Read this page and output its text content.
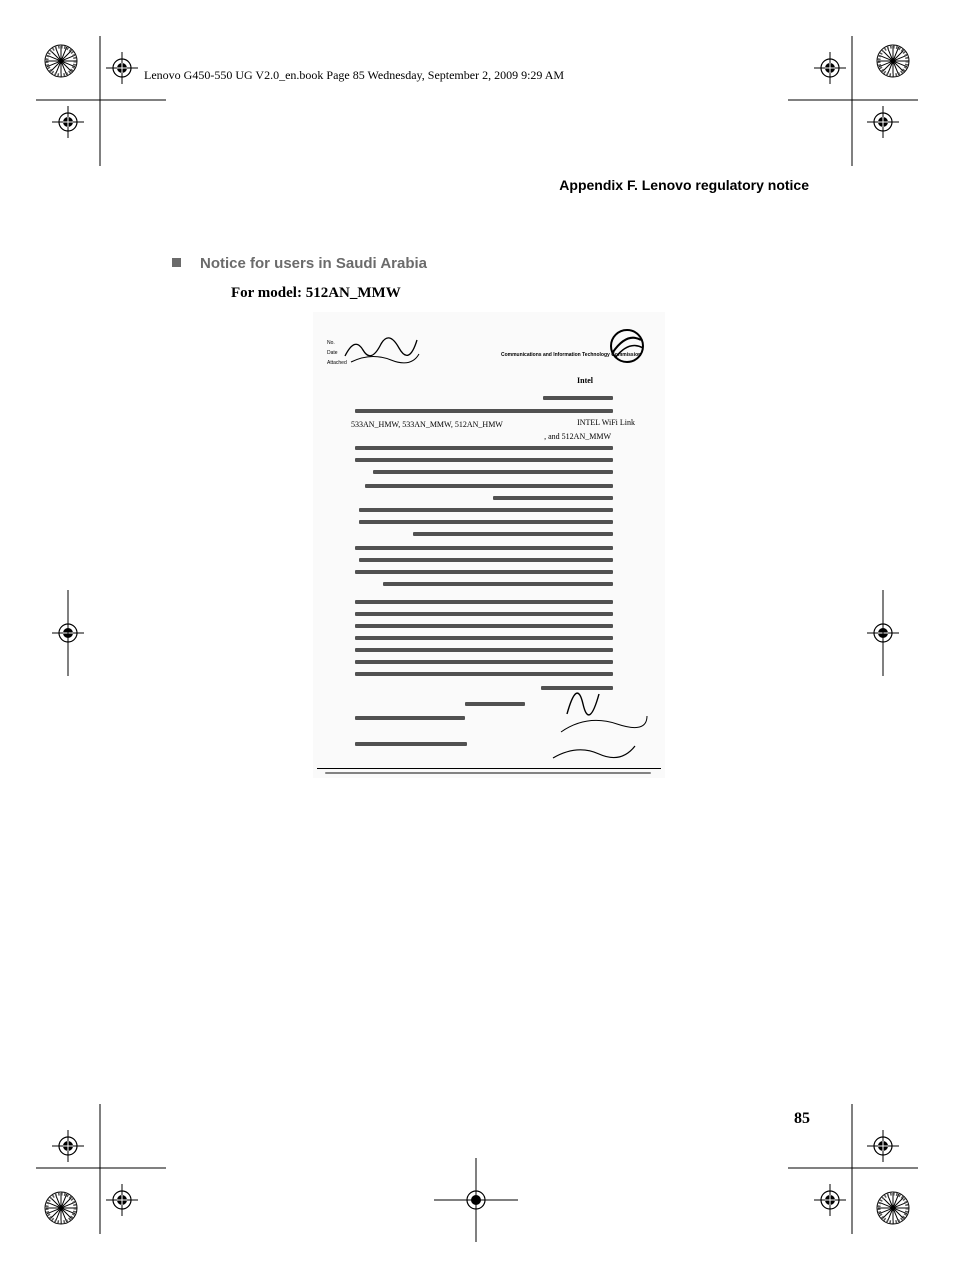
Lenovo G450-550 UG V2.0_en.book Page 85 Wednesday, September 2, 2009 9:29 AM
Appendix F. Lenovo regulatory notice
Notice for users in Saudi Arabia
For model: 512AN_MMW
Communications and Information Technology Commission
No.
Date
Attached
Intel
533AN_HMW, 533AN_MMW, 512AN_HMW	INTEL WiFi Link
, and 512AN_MMW
85
